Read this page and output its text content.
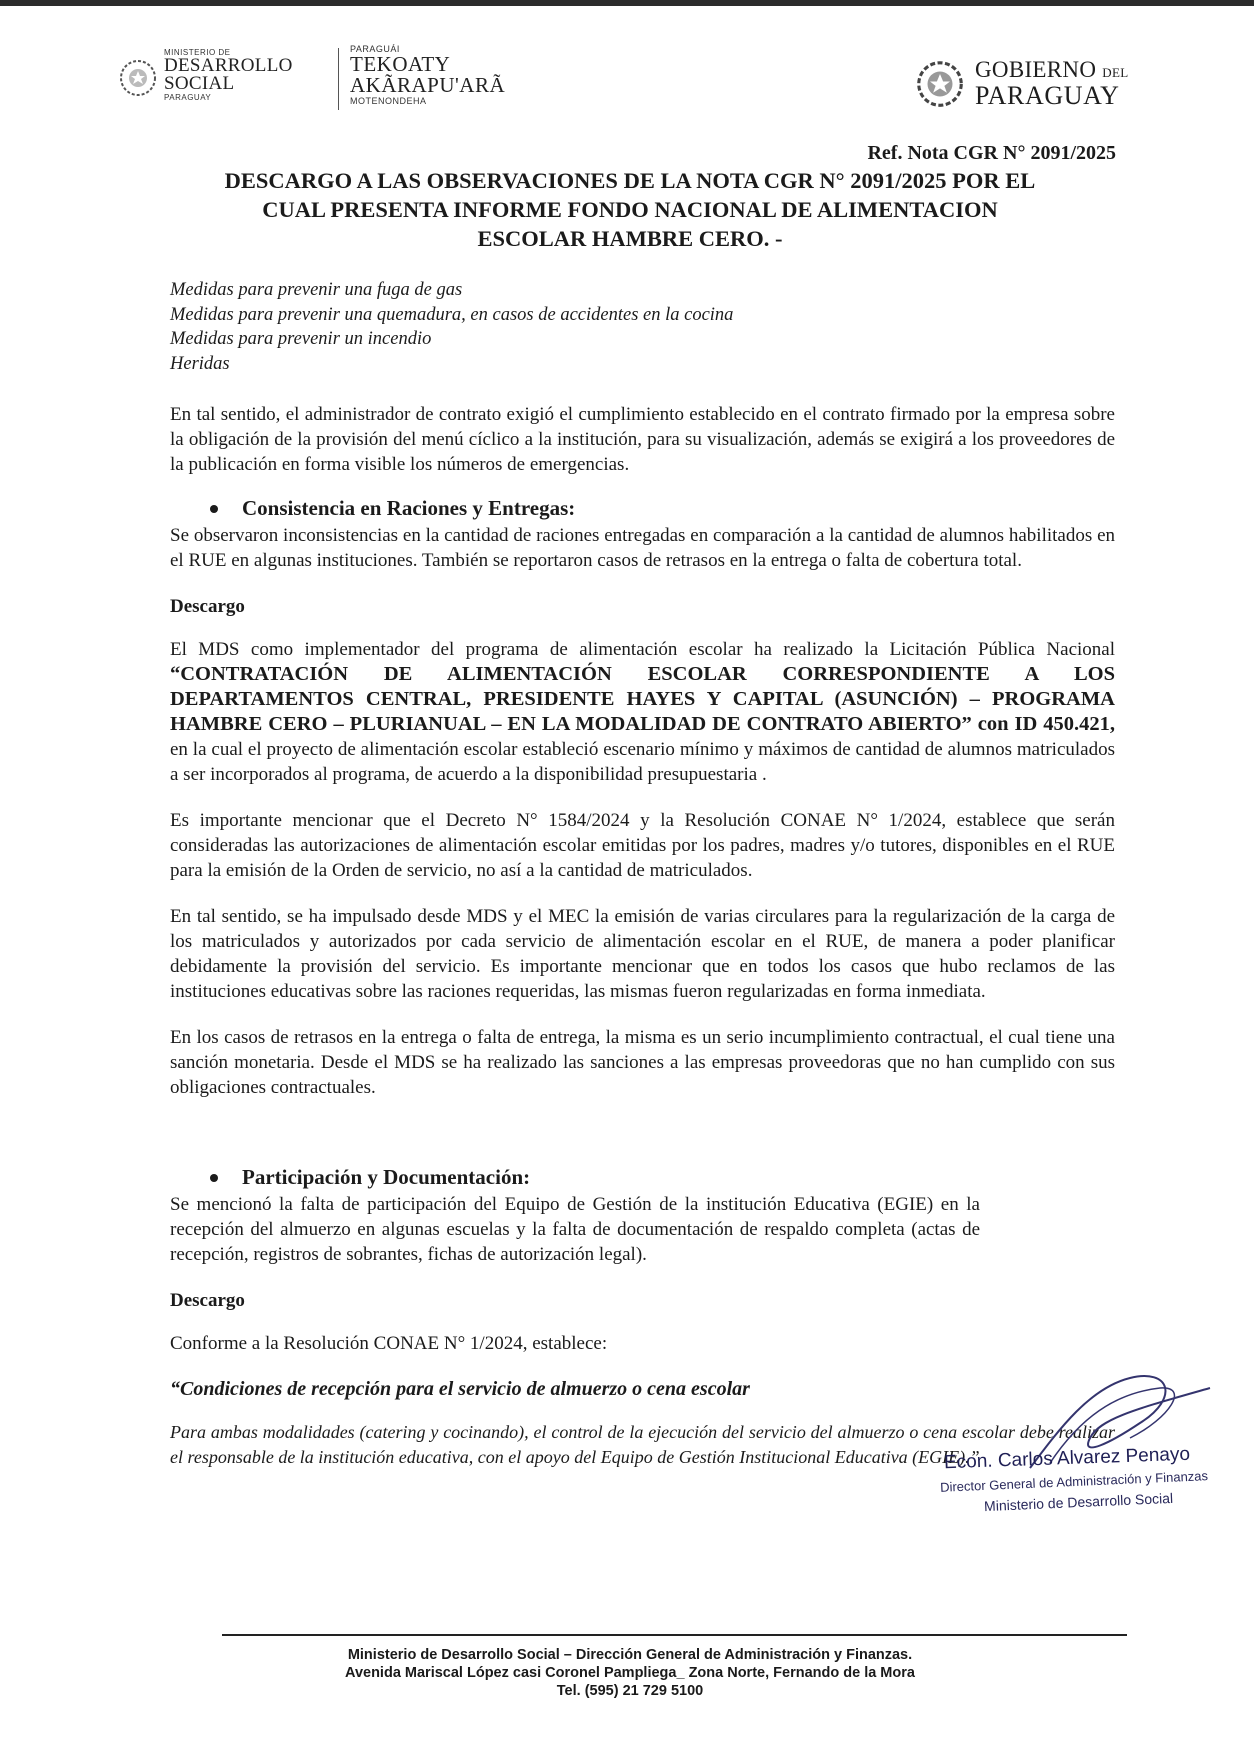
MINISTERIO DE
DESARROLLO
SOCIAL
PARAGUAY
PARAGUÁI
TEKOATY
AKÃRAPU'ARÃ
MOTENONDEHA
GOBIERNO DEL
PARAGUAY
Ref. Nota CGR N° 2091/2025
DESCARGO A LAS OBSERVACIONES DE LA NOTA CGR N° 2091/2025 POR EL
CUAL PRESENTA INFORME FONDO NACIONAL DE ALIMENTACION
ESCOLAR HAMBRE CERO. -
Medidas para prevenir una fuga de gas
Medidas para prevenir una quemadura, en casos de accidentes en la cocina
Medidas para prevenir un incendio
Heridas

En tal sentido, el administrador de contrato exigió el cumplimiento establecido en el contrato firmado por la empresa sobre la obligación de la provisión del menú cíclico a la institución, para su visualización, además se exigirá a los proveedores de la publicación en forma visible los números de emergencias.

Consistencia en Raciones y Entregas:

Se observaron inconsistencias en la cantidad de raciones entregadas en comparación a la cantidad de alumnos habilitados en el RUE en algunas instituciones. También se reportaron casos de retrasos en la entrega o falta de cobertura total.

Descargo

El MDS como implementador del programa de alimentación escolar ha realizado la Licitación Pública Nacional “CONTRATACIÓN DE ALIMENTACIÓN ESCOLAR CORRESPONDIENTE A LOS DEPARTAMENTOS CENTRAL, PRESIDENTE HAYES Y CAPITAL (ASUNCIÓN) – PROGRAMA HAMBRE CERO – PLURIANUAL – EN LA MODALIDAD DE CONTRATO ABIERTO” con ID 450.421, en la cual el proyecto de alimentación escolar estableció escenario mínimo y máximos de cantidad de alumnos matriculados a ser incorporados al programa, de acuerdo a la disponibilidad presupuestaria .

Es importante mencionar que el Decreto N° 1584/2024 y la Resolución CONAE N° 1/2024, establece que serán consideradas las autorizaciones de alimentación escolar emitidas por los padres, madres y/o tutores, disponibles en el RUE para la emisión de la Orden de servicio, no así a la cantidad de matriculados.

En tal sentido, se ha impulsado desde MDS y el MEC la emisión de varias circulares para la regularización de la carga de los matriculados y autorizados por cada servicio de alimentación escolar en el RUE, de manera a poder planificar debidamente la provisión del servicio. Es importante mencionar que en todos los casos que hubo reclamos de las instituciones educativas sobre las raciones requeridas, las mismas fueron regularizadas en forma inmediata.

En los casos de retrasos en la entrega o falta de entrega, la misma es un serio incumplimiento contractual, el cual tiene una sanción monetaria. Desde el MDS se ha realizado las sanciones a las empresas proveedoras que no han cumplido con sus obligaciones contractuales.

Participación y Documentación:

Se mencionó la falta de participación del Equipo de Gestión de la institución Educativa (EGIE) en la recepción del almuerzo en algunas escuelas y la falta de documentación de respaldo completa (actas de recepción, registros de sobrantes, fichas de autorización legal).

Descargo

Conforme a la Resolución CONAE N° 1/2024, establece:

“Condiciones de recepción para el servicio de almuerzo o cena escolar

Para ambas modalidades (catering y cocinando), el control de la ejecución del servicio del almuerzo o cena escolar debe realizar el responsable de la institución educativa, con el apoyo del Equipo de Gestión Institucional Educativa (EGIE).”

Econ. Carlos Alvarez Penayo
Director General de Administración y Finanzas
Ministerio de Desarrollo Social
Ministerio de Desarrollo Social – Dirección General de Administración y Finanzas.
Avenida Mariscal López casi Coronel Pampliega_ Zona Norte, Fernando de la Mora
Tel. (595) 21 729 5100
